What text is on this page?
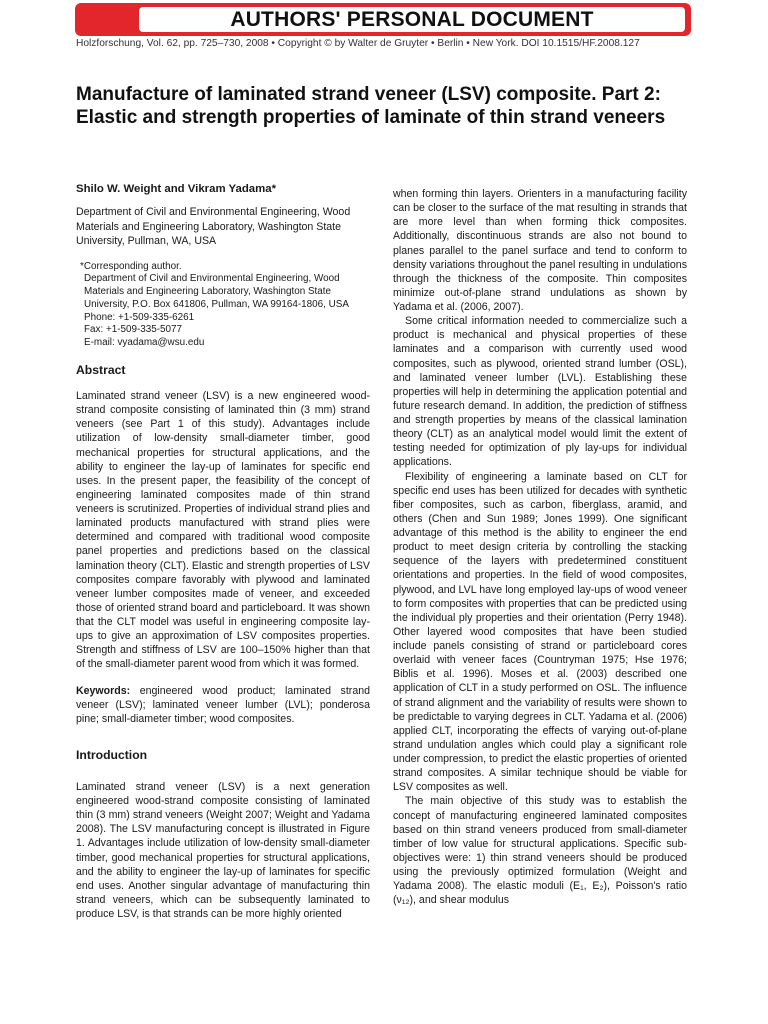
AUTHORS' PERSONAL DOCUMENT
Holzforschung, Vol. 62, pp. 725–730, 2008 • Copyright © by Walter de Gruyter • Berlin • New York. DOI 10.1515/HF.2008.127
Manufacture of laminated strand veneer (LSV) composite. Part 2: Elastic and strength properties of laminate of thin strand veneers

Shilo W. Weight and Vikram Yadama*

Department of Civil and Environmental Engineering, Wood Materials and Engineering Laboratory, Washington State University, Pullman, WA, USA

*Corresponding author.
Department of Civil and Environmental Engineering, Wood Materials and Engineering Laboratory, Washington State University, P.O. Box 641806, Pullman, WA 99164-1806, USA
Phone: +1-509-335-6261
Fax: +1-509-335-5077
E-mail: vyadama@wsu.edu
Abstract

Laminated strand veneer (LSV) is a new engineered wood-strand composite consisting of laminated thin (3 mm) strand veneers (see Part 1 of this study). Advantages include utilization of low-density small-diameter timber, good mechanical properties for structural applications, and the ability to engineer the lay-up of laminates for specific end uses. In the present paper, the feasibility of the concept of engineering laminated composites made of thin strand veneers is scrutinized. Properties of individual strand plies and laminated products manufactured with strand plies were determined and compared with traditional wood composite panel properties and predictions based on the classical lamination theory (CLT). Elastic and strength properties of LSV composites compare favorably with plywood and laminated veneer lumber composites made of veneer, and exceeded those of oriented strand board and particleboard. It was shown that the CLT model was useful in engineering composite lay-ups to give an approximation of LSV composites properties. Strength and stiffness of LSV are 100–150% higher than that of the small-diameter parent wood from which it was formed.

Keywords: engineered wood product; laminated strand veneer (LSV); laminated veneer lumber (LVL); ponderosa pine; small-diameter timber; wood composites.

Introduction

Laminated strand veneer (LSV) is a next generation engineered wood-strand composite consisting of laminated thin (3 mm) strand veneers (Weight 2007; Weight and Yadama 2008). The LSV manufacturing concept is illustrated in Figure 1. Advantages include utilization of low-density small-diameter timber, good mechanical properties for structural applications, and the ability to engineer the lay-up of laminates for specific end uses. Another singular advantage of manufacturing thin strand veneers, which can be subsequently laminated to produce LSV, is that strands can be more highly oriented

when forming thin layers. Orienters in a manufacturing facility can be closer to the surface of the mat resulting in strands that are more level than when forming thick composites. Additionally, discontinuous strands are also not bound to planes parallel to the panel surface and tend to conform to density variations throughout the panel resulting in undulations through the thickness of the composite. Thin composites minimize out-of-plane strand undulations as shown by Yadama et al. (2006, 2007).

Some critical information needed to commercialize such a product is mechanical and physical properties of these laminates and a comparison with currently used wood composites, such as plywood, oriented strand lumber (OSL), and laminated veneer lumber (LVL). Establishing these properties will help in determining the application potential and future research demand. In addition, the prediction of stiffness and strength properties by means of the classical lamination theory (CLT) as an analytical model would limit the extent of testing needed for optimization of ply lay-ups for individual applications.

Flexibility of engineering a laminate based on CLT for specific end uses has been utilized for decades with synthetic fiber composites, such as carbon, fiberglass, aramid, and others (Chen and Sun 1989; Jones 1999). One significant advantage of this method is the ability to engineer the end product to meet design criteria by controlling the stacking sequence of the layers with predetermined constituent orientations and properties. In the field of wood composites, plywood, and LVL have long employed lay-ups of wood veneer to form composites with properties that can be predicted using the individual ply properties and their orientation (Perry 1948). Other layered wood composites that have been studied include panels consisting of strand or particleboard cores overlaid with veneer faces (Countryman 1975; Hse 1976; Biblis et al. 1996). Moses et al. (2003) described one application of CLT in a study performed on OSL. The influence of strand alignment and the variability of results were shown to be predictable to varying degrees in CLT. Yadama et al. (2006) applied CLT, incorporating the effects of varying out-of-plane strand undulation angles which could play a significant role under compression, to predict the elastic properties of oriented strand composites. A similar technique should be viable for LSV composites as well.

The main objective of this study was to establish the concept of manufacturing engineered laminated composites based on thin strand veneers produced from small-diameter timber of low value for structural applications. Specific sub-objectives were: 1) thin strand veneers should be produced using the previously optimized formulation (Weight and Yadama 2008). The elastic moduli (E₁, E₂), Poisson's ratio (ν₁₂), and shear modulus
